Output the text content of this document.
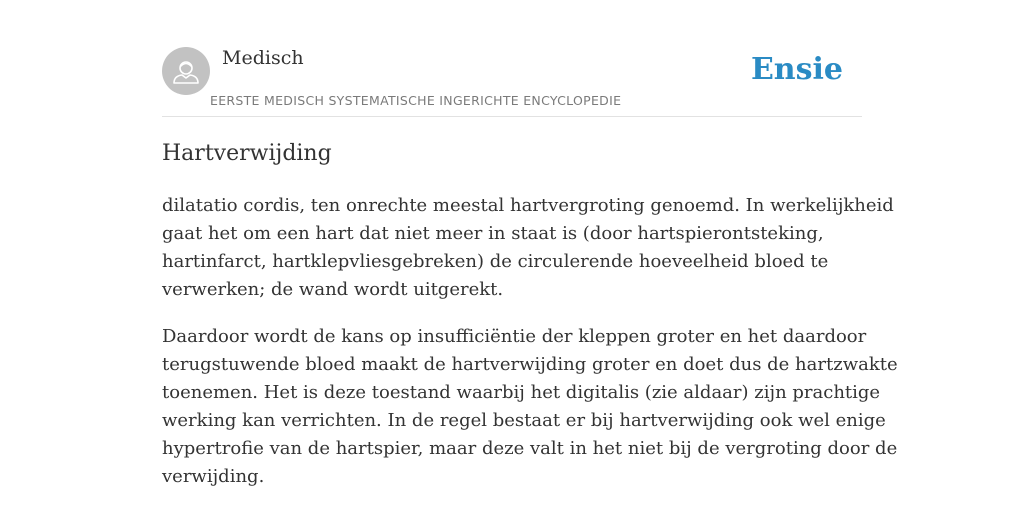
Medisch
EERSTE MEDISCH SYSTEMATISCHE INGERICHTE ENCYCLOPEDIE
Ensie
Hartverwijding

dilatatio cordis, ten onrechte meestal hartvergroting genoemd. In werkelijkheid
gaat het om een hart dat niet meer in staat is (door hartspierontsteking,
hartinfarct, hartklepvliesgebreken) de circulerende hoeveelheid bloed te
verwerken; de wand wordt uitgerekt.

Daardoor wordt de kans op insufficiëntie der kleppen groter en het daardoor
terugstuwende bloed maakt de hartverwijding groter en doet dus de hartzwakte
toenemen. Het is deze toestand waarbij het digitalis (zie aldaar) zijn prachtige
werking kan verrichten. In de regel bestaat er bij hartverwijding ook wel enige
hypertrofie van de hartspier, maar deze valt in het niet bij de vergroting door de
verwijding.
